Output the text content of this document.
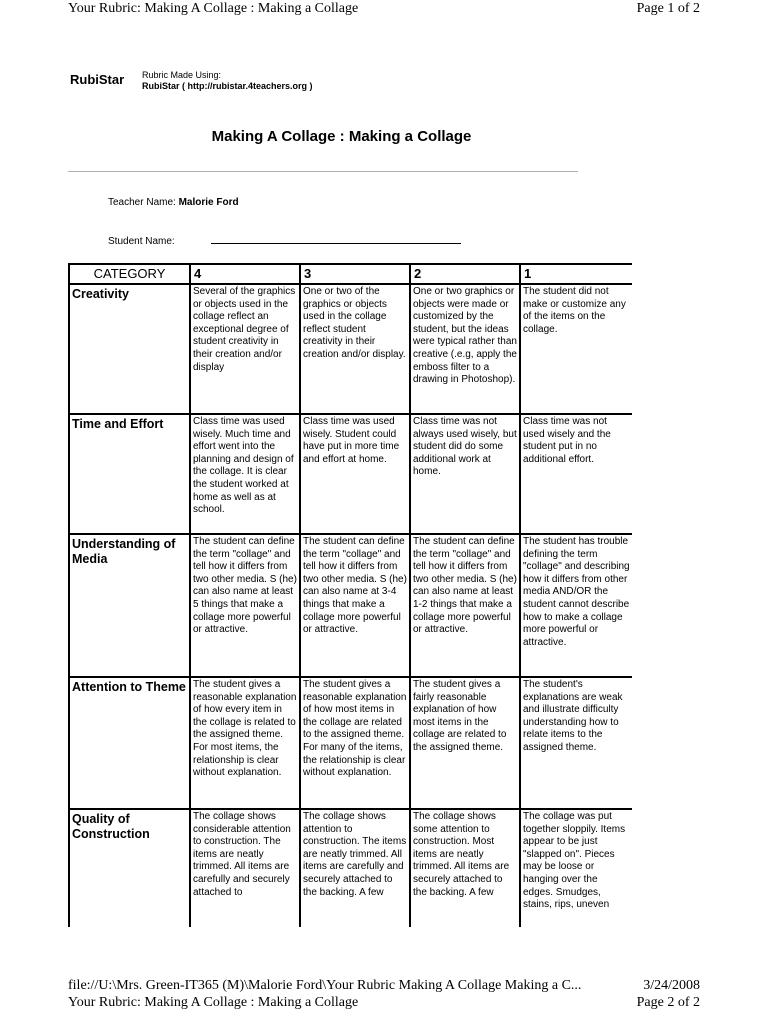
Your Rubric: Making A Collage : Making a Collage	Page 1 of 2
RubiStar Rubric Made Using:
RubiStar ( http://rubistar.4teachers.org )
Making A Collage : Making a Collage
Teacher Name: Malorie Ford
Student Name:
CATEGORY	4	3	2	1
Creativity	Several of the graphics or objects used in the collage reflect an exceptional degree of student creativity in their creation and/or display	One or two of the graphics or objects used in the collage reflect student creativity in their creation and/or display.	One or two graphics or objects were made or customized by the student, but the ideas were typical rather than creative (.e.g, apply the emboss filter to a drawing in Photoshop).	The student did not make or customize any of the items on the collage.
Time and Effort	Class time was used wisely. Much time and effort went into the planning and design of the collage. It is clear the student worked at home as well as at school.	Class time was used wisely. Student could have put in more time and effort at home.	Class time was not always used wisely, but student did do some additional work at home.	Class time was not used wisely and the student put in no additional effort.
Understanding of Media	The student can define the term "collage" and tell how it differs from two other media. S (he) can also name at least 5 things that make a collage more powerful or attractive.	The student can define the term "collage" and tell how it differs from two other media. S (he) can also name at 3-4 things that make a collage more powerful or attractive.	The student can define the term "collage" and tell how it differs from two other media. S (he) can also name at least 1-2 things that make a collage more powerful or attractive.	The student has trouble defining the term "collage" and describing how it differs from other media AND/OR the student cannot describe how to make a collage more powerful or attractive.
Attention to Theme	The student gives a reasonable explanation of how every item in the collage is related to the assigned theme. For most items, the relationship is clear without explanation.	The student gives a reasonable explanation of how most items in the collage are related to the assigned theme. For many of the items, the relationship is clear without explanation.	The student gives a fairly reasonable explanation of how most items in the collage are related to the assigned theme.	The student's explanations are weak and illustrate difficulty understanding how to relate items to the assigned theme.
Quality of Construction	The collage shows considerable attention to construction. The items are neatly trimmed. All items are carefully and securely attached to	The collage shows attention to construction. The items are neatly trimmed. All items are carefully and securely attached to the backing. A few	The collage shows some attention to construction. Most items are neatly trimmed. All items are securely attached to the backing. A few	The collage was put together sloppily. Items appear to be just "slapped on". Pieces may be loose or hanging over the edges. Smudges, stains, rips, uneven
file://U:\Mrs. Green-IT365 (M)\Malorie Ford\Your Rubric Making A Collage Making a C...	3/24/2008
Your Rubric: Making A Collage : Making a Collage	Page 2 of 2
